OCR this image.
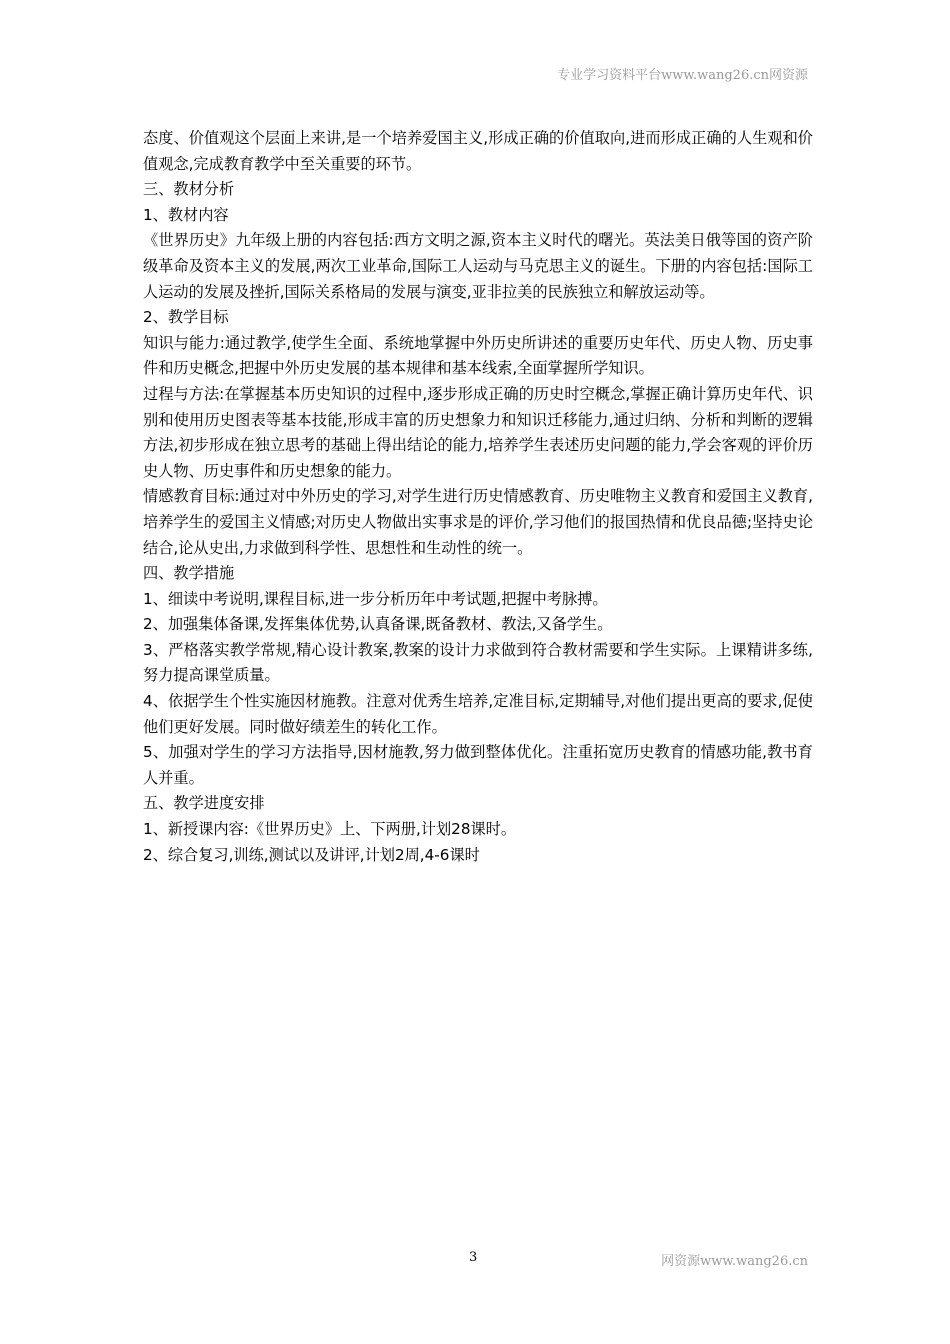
专业学习资料平台www.wang26.cn网资源

态度、价值观这个层面上来讲,是一个培养爱国主义,形成正确的价值取向,进而形成正确的人生观和价值观念,完成教育教学中至关重要的环节。

三、教材分析

1、教材内容

《世界历史》九年级上册的内容包括:西方文明之源,资本主义时代的曙光。英法美日俄等国的资产阶级革命及资本主义的发展,两次工业革命,国际工人运动与马克思主义的诞生。下册的内容包括:国际工人运动的发展及挫折,国际关系格局的发展与演变,亚非拉美的民族独立和解放运动等。

2、教学目标

知识与能力:通过教学,使学生全面、系统地掌握中外历史所讲述的重要历史年代、历史人物、历史事件和历史概念,把握中外历史发展的基本规律和基本线索,全面掌握所学知识。

过程与方法:在掌握基本历史知识的过程中,逐步形成正确的历史时空概念,掌握正确计算历史年代、识别和使用历史图表等基本技能,形成丰富的历史想象力和知识迁移能力,通过归纳、分析和判断的逻辑方法,初步形成在独立思考的基础上得出结论的能力,培养学生表述历史问题的能力,学会客观的评价历史人物、历史事件和历史想象的能力。

情感教育目标:通过对中外历史的学习,对学生进行历史情感教育、历史唯物主义教育和爱国主义教育,培养学生的爱国主义情感;对历史人物做出实事求是的评价,学习他们的报国热情和优良品德;坚持史论结合,论从史出,力求做到科学性、思想性和生动性的统一。

四、教学措施

1、细读中考说明,课程目标,进一步分析历年中考试题,把握中考脉搏。

2、加强集体备课,发挥集体优势,认真备课,既备教材、教法,又备学生。

3、严格落实教学常规,精心设计教案,教案的设计力求做到符合教材需要和学生实际。上课精讲多练,努力提高课堂质量。

4、依据学生个性实施因材施教。注意对优秀生培养,定准目标,定期辅导,对他们提出更高的要求,促使他们更好发展。同时做好绩差生的转化工作。

5、加强对学生的学习方法指导,因材施教,努力做到整体优化。注重拓宽历史教育的情感功能,教书育人并重。

五、教学进度安排

1、新授课内容:《世界历史》上、下两册,计划28课时。

2、综合复习,训练,测试以及讲评,计划2周,4-6课时

3	网资源www.wang26.cn
